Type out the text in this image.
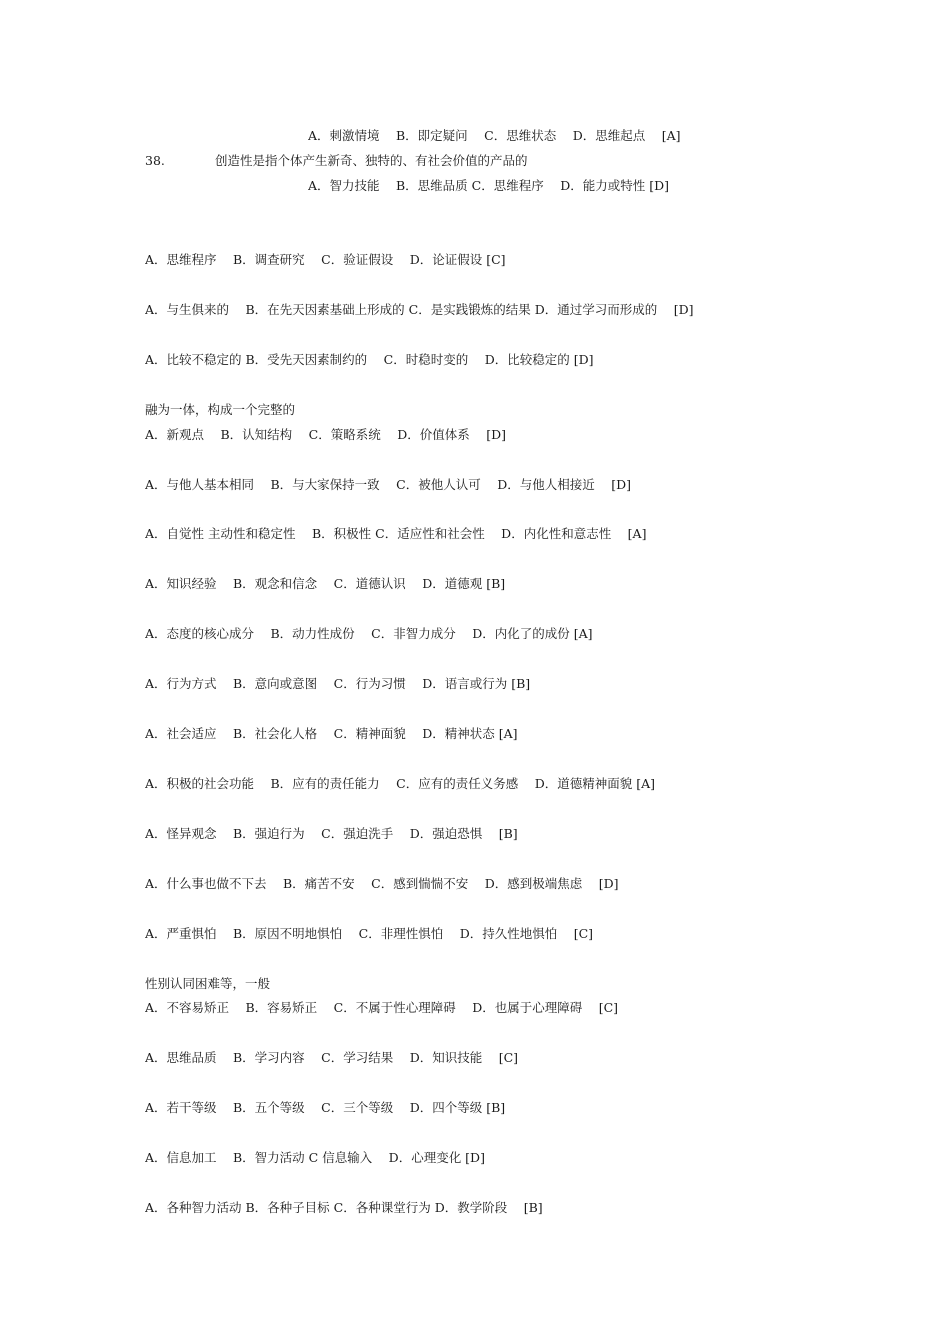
A．刺激情境　 B．即定疑问　 C．思维状态　 D．思维起点　 [A]

38.

	创造性是指个体产生新奇、独特的、有社会价值的产品的

A．智力技能　 B．思维品质 C．思维程序　 D．能力或特性 [D]
A．思维程序　 B．调查研究　 C．验证假设　 D．论证假设 [C]
A．与生俱来的　 B．在先天因素基础上形成的 C．是实践锻炼的结果 D．通过学习而形成的　 [D]
A．比较不稳定的 B．受先天因素制约的　 C．时稳时变的　 D．比较稳定的 [D]
融为一体，构成一个完整的
A．新观点　 B．认知结构　 C．策略系统　 D．价值体系　 [D]
A．与他人基本相同　 B．与大家保持一致　 C．被他人认可　 D．与他人相接近　 [D]
A．自觉性 主动性和稳定性　 B．积极性 C．适应性和社会性　 D．内化性和意志性　 [A]
A．知识经验　 B．观念和信念　 C．道德认识　 D．道德观 [B]
A．态度的核心成分　 B．动力性成份　 C．非智力成分　 D．内化了的成份 [A]
A．行为方式　 B．意向或意图　 C．行为习惯　 D．语言或行为 [B]
A．社会适应　 B．社会化人格　 C．精神面貌　 D．精神状态 [A]
A．积极的社会功能　 B．应有的责任能力　 C．应有的责任义务感　 D．道德精神面貌 [A]
A．怪异观念　 B．强迫行为　 C．强迫洗手　 D．强迫恐惧　 [B]
A．什么事也做不下去　 B．痛苦不安　 C．感到惴惴不安　 D．感到极端焦虑　 [D]
A．严重惧怕　 B．原因不明地惧怕　 C．非理性惧怕　 D．持久性地惧怕　 [C]
性别认同困难等，一般
A．不容易矫正　 B．容易矫正　 C．不属于性心理障碍　 D．也属于心理障碍　 [C]
A．思维品质　 B．学习内容　 C．学习结果　 D．知识技能　 [C]
A．若干等级　 B．五个等级　 C．三个等级　 D．四个等级 [B]
A．信息加工　 B．智力活动 C 信息输入　 D．心理变化 [D]
A．各种智力活动 B．各种子目标 C．各种课堂行为 D．教学阶段　 [B]
